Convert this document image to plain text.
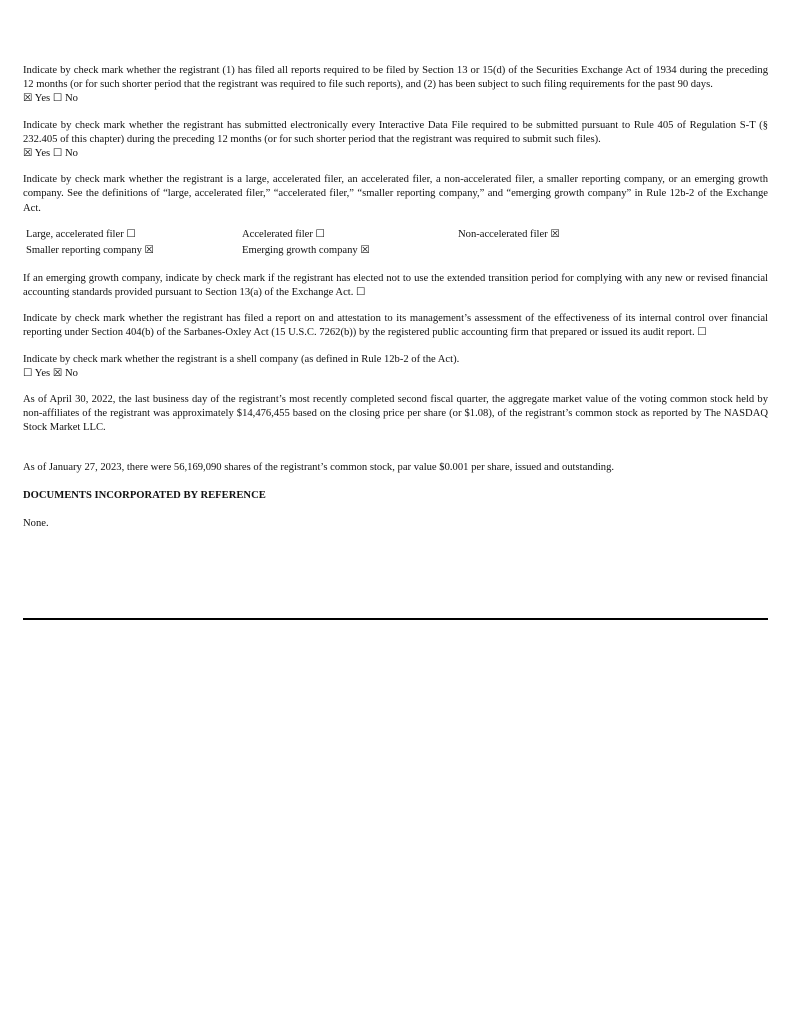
Indicate by check mark whether the registrant (1) has filed all reports required to be filed by Section 13 or 15(d) of the Securities Exchange Act of 1934 during the preceding 12 months (or for such shorter period that the registrant was required to file such reports), and (2) has been subject to such filing requirements for the past 90 days.

☒ Yes ☐ No

Indicate by check mark whether the registrant has submitted electronically every Interactive Data File required to be submitted pursuant to Rule 405 of Regulation S-T (§ 232.405 of this chapter) during the preceding 12 months (or for such shorter period that the registrant was required to submit such files).

☒ Yes ☐ No

Indicate by check mark whether the registrant is a large, accelerated filer, an accelerated filer, a non-accelerated filer, a smaller reporting company, or an emerging growth company. See the definitions of “large, accelerated filer,” “accelerated filer,” “smaller reporting company,” and “emerging growth company” in Rule 12b-2 of the Exchange Act.

Large, accelerated filer ☐	Accelerated filer ☐	Non-accelerated filer ☒
Smaller reporting company ☒	Emerging growth company ☒	

If an emerging growth company, indicate by check mark if the registrant has elected not to use the extended transition period for complying with any new or revised financial accounting standards provided pursuant to Section 13(a) of the Exchange Act. ☐

Indicate by check mark whether the registrant has filed a report on and attestation to its management’s assessment of the effectiveness of its internal control over financial reporting under Section 404(b) of the Sarbanes-Oxley Act (15 U.S.C. 7262(b)) by the registered public accounting firm that prepared or issued its audit report. ☐

Indicate by check mark whether the registrant is a shell company (as defined in Rule 12b-2 of the Act).

☐ Yes ☒ No

As of April 30, 2022, the last business day of the registrant’s most recently completed second fiscal quarter, the aggregate market value of the voting common stock held by non-affiliates of the registrant was approximately $14,476,455 based on the closing price per share (or $1.08), of the registrant’s common stock as reported by The NASDAQ Stock Market LLC.

As of January 27, 2023, there were 56,169,090 shares of the registrant’s common stock, par value $0.001 per share, issued and outstanding.

DOCUMENTS INCORPORATED BY REFERENCE

None.
